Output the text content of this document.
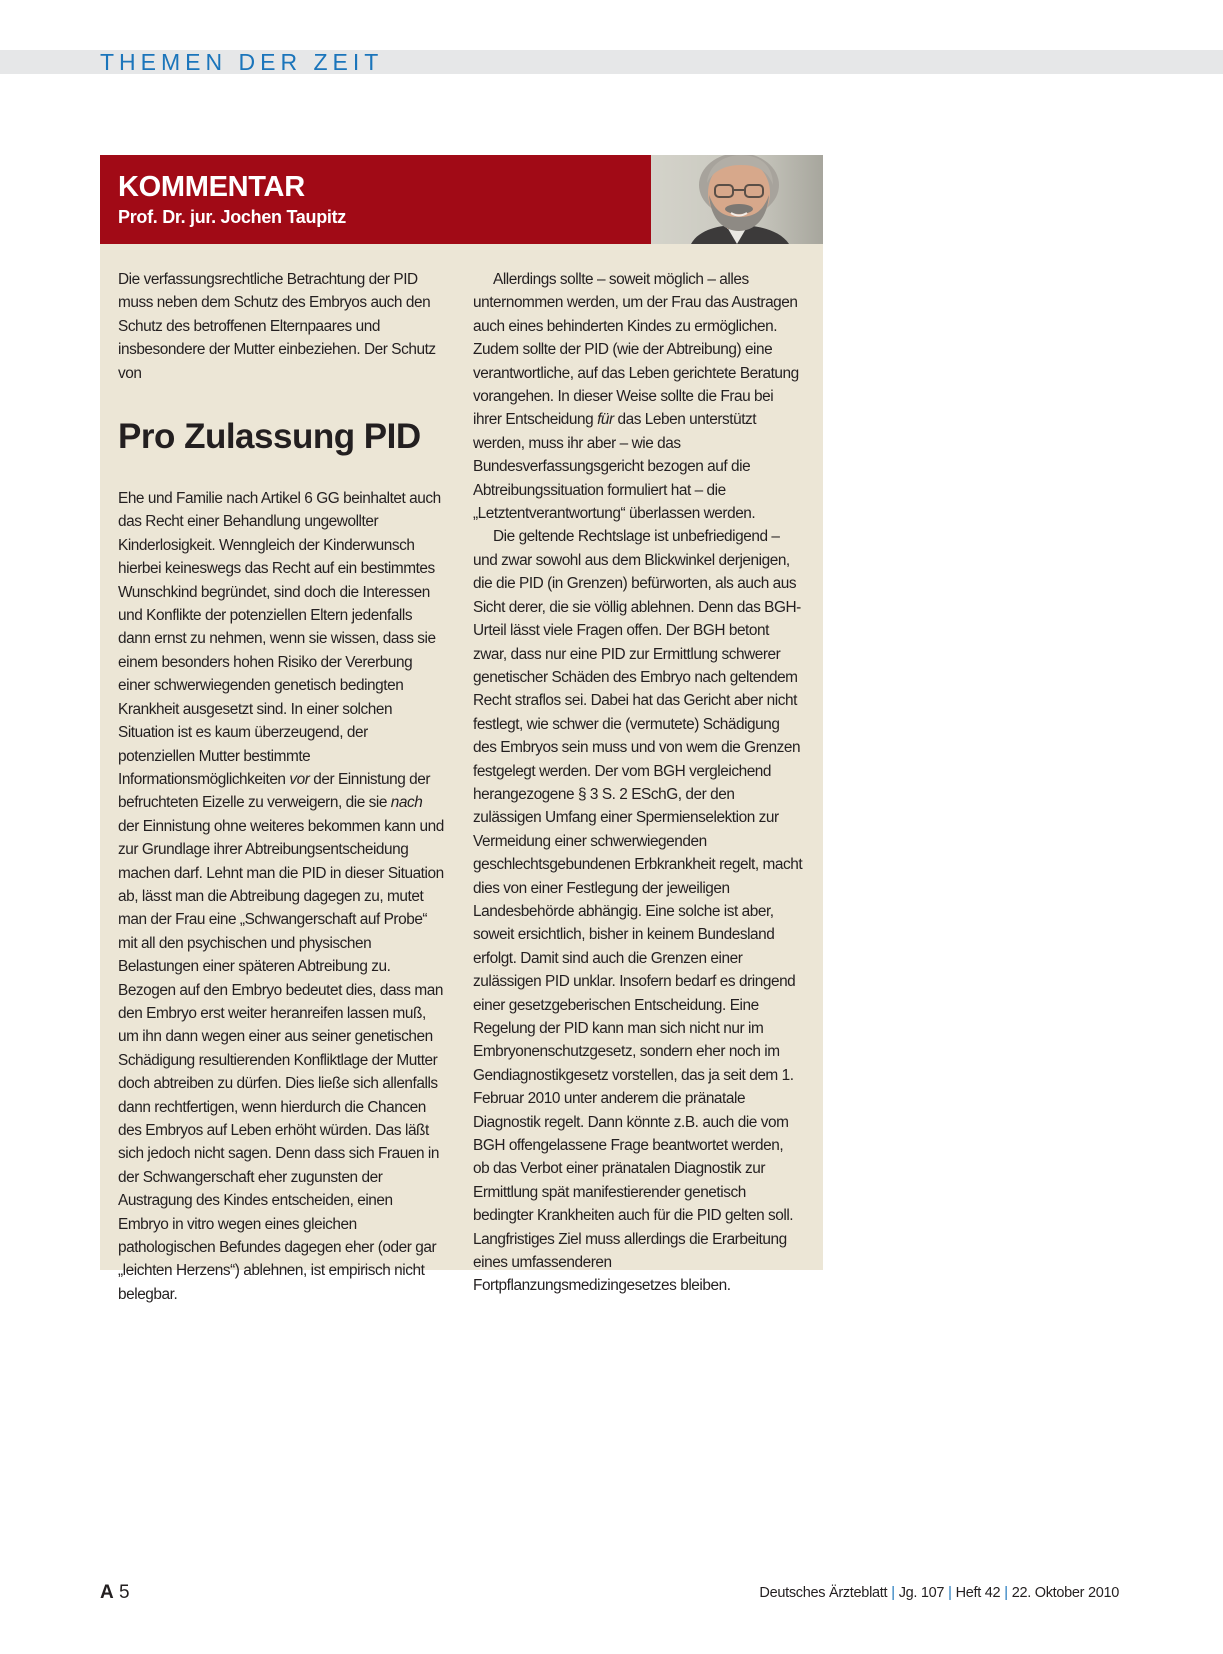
THEMEN DER ZEIT
KOMMENTAR
Prof. Dr. jur. Jochen Taupitz

Die verfassungsrechtliche Betrachtung der PID muss neben dem Schutz des Embryos auch den Schutz des betroffenen Elternpaares und insbesondere der Mutter einbeziehen. Der Schutz von

Pro Zulassung PID

Ehe und Familie nach Artikel 6 GG beinhaltet auch das Recht einer Behandlung ungewollter Kinderlosigkeit. Wenngleich der Kinderwunsch hierbei keineswegs das Recht auf ein bestimmtes Wunschkind begründet, sind doch die Interessen und Konflikte der potenziellen Eltern jedenfalls dann ernst zu nehmen, wenn sie wissen, dass sie einem besonders hohen Risiko der Vererbung einer schwerwiegenden genetisch bedingten Krankheit ausgesetzt sind. In einer solchen Situation ist es kaum überzeugend, der potenziellen Mutter bestimmte Informationsmöglichkeiten vor der Einnistung der befruchteten Eizelle zu verweigern, die sie nach der Einnistung ohne weiteres bekommen kann und zur Grundlage ihrer Abtreibungsentscheidung machen darf. Lehnt man die PID in dieser Situation ab, lässt man die Abtreibung dagegen zu, mutet man der Frau eine „Schwangerschaft auf Probe“ mit all den psychischen und physischen Belastungen einer späteren Abtreibung zu. Bezogen auf den Embryo bedeutet dies, dass man den Embryo erst weiter heranreifen lassen muß, um ihn dann wegen einer aus seiner genetischen Schädigung resultierenden Konfliktlage der Mutter doch abtreiben zu dürfen. Dies ließe sich allenfalls dann rechtfertigen, wenn hierdurch die Chancen des Embryos auf Leben erhöht würden. Das läßt sich jedoch nicht sagen. Denn dass sich Frauen in der Schwangerschaft eher zugunsten der Austragung des Kindes entscheiden, einen Embryo in vitro wegen eines gleichen pathologischen Befundes dagegen eher (oder gar „leichten Herzens“) ablehnen, ist empirisch nicht belegbar.

Allerdings sollte – soweit möglich – alles unternommen werden, um der Frau das Austragen auch eines behinderten Kindes zu ermöglichen. Zudem sollte der PID (wie der Abtreibung) eine verantwortliche, auf das Leben gerichtete Beratung vorangehen. In dieser Weise sollte die Frau bei ihrer Entscheidung für das Leben unterstützt werden, muss ihr aber – wie das Bundesverfassungsgericht bezogen auf die Abtreibungssituation formuliert hat – die „Letztentverantwortung“ überlassen werden.

Die geltende Rechtslage ist unbefriedigend – und zwar sowohl aus dem Blickwinkel derjenigen, die die PID (in Grenzen) befürworten, als auch aus Sicht derer, die sie völlig ablehnen. Denn das BGH-Urteil lässt viele Fragen offen. Der BGH betont zwar, dass nur eine PID zur Ermittlung schwerer genetischer Schäden des Embryo nach geltendem Recht straflos sei. Dabei hat das Gericht aber nicht festlegt, wie schwer die (vermutete) Schädigung des Embryos sein muss und von wem die Grenzen festgelegt werden. Der vom BGH vergleichend herangezogene § 3 S. 2 ESchG, der den zulässigen Umfang einer Spermienselektion zur Vermeidung einer schwerwiegenden geschlechtsgebundenen Erbkrankheit regelt, macht dies von einer Festlegung der jeweiligen Landesbehörde abhängig. Eine solche ist aber, soweit ersichtlich, bisher in keinem Bundesland erfolgt. Damit sind auch die Grenzen einer zulässigen PID unklar. Insofern bedarf es dringend einer gesetzgeberischen Entscheidung. Eine Regelung der PID kann man sich nicht nur im Embryonenschutzgesetz, sondern eher noch im Gendiagnostikgesetz vorstellen, das ja seit dem 1. Februar 2010 unter anderem die pränatale Diagnostik regelt. Dann könnte z.B. auch die vom BGH offengelassene Frage beantwortet werden, ob das Verbot einer pränatalen Diagnostik zur Ermittlung spät manifestierender genetisch bedingter Krankheiten auch für die PID gelten soll. Langfristiges Ziel muss allerdings die Erarbeitung eines umfassenderen Fortpflanzungsmedizingesetzes bleiben.

A 5	Deutsches Ärzteblatt | Jg. 107 | Heft 42 | 22. Oktober 2010
